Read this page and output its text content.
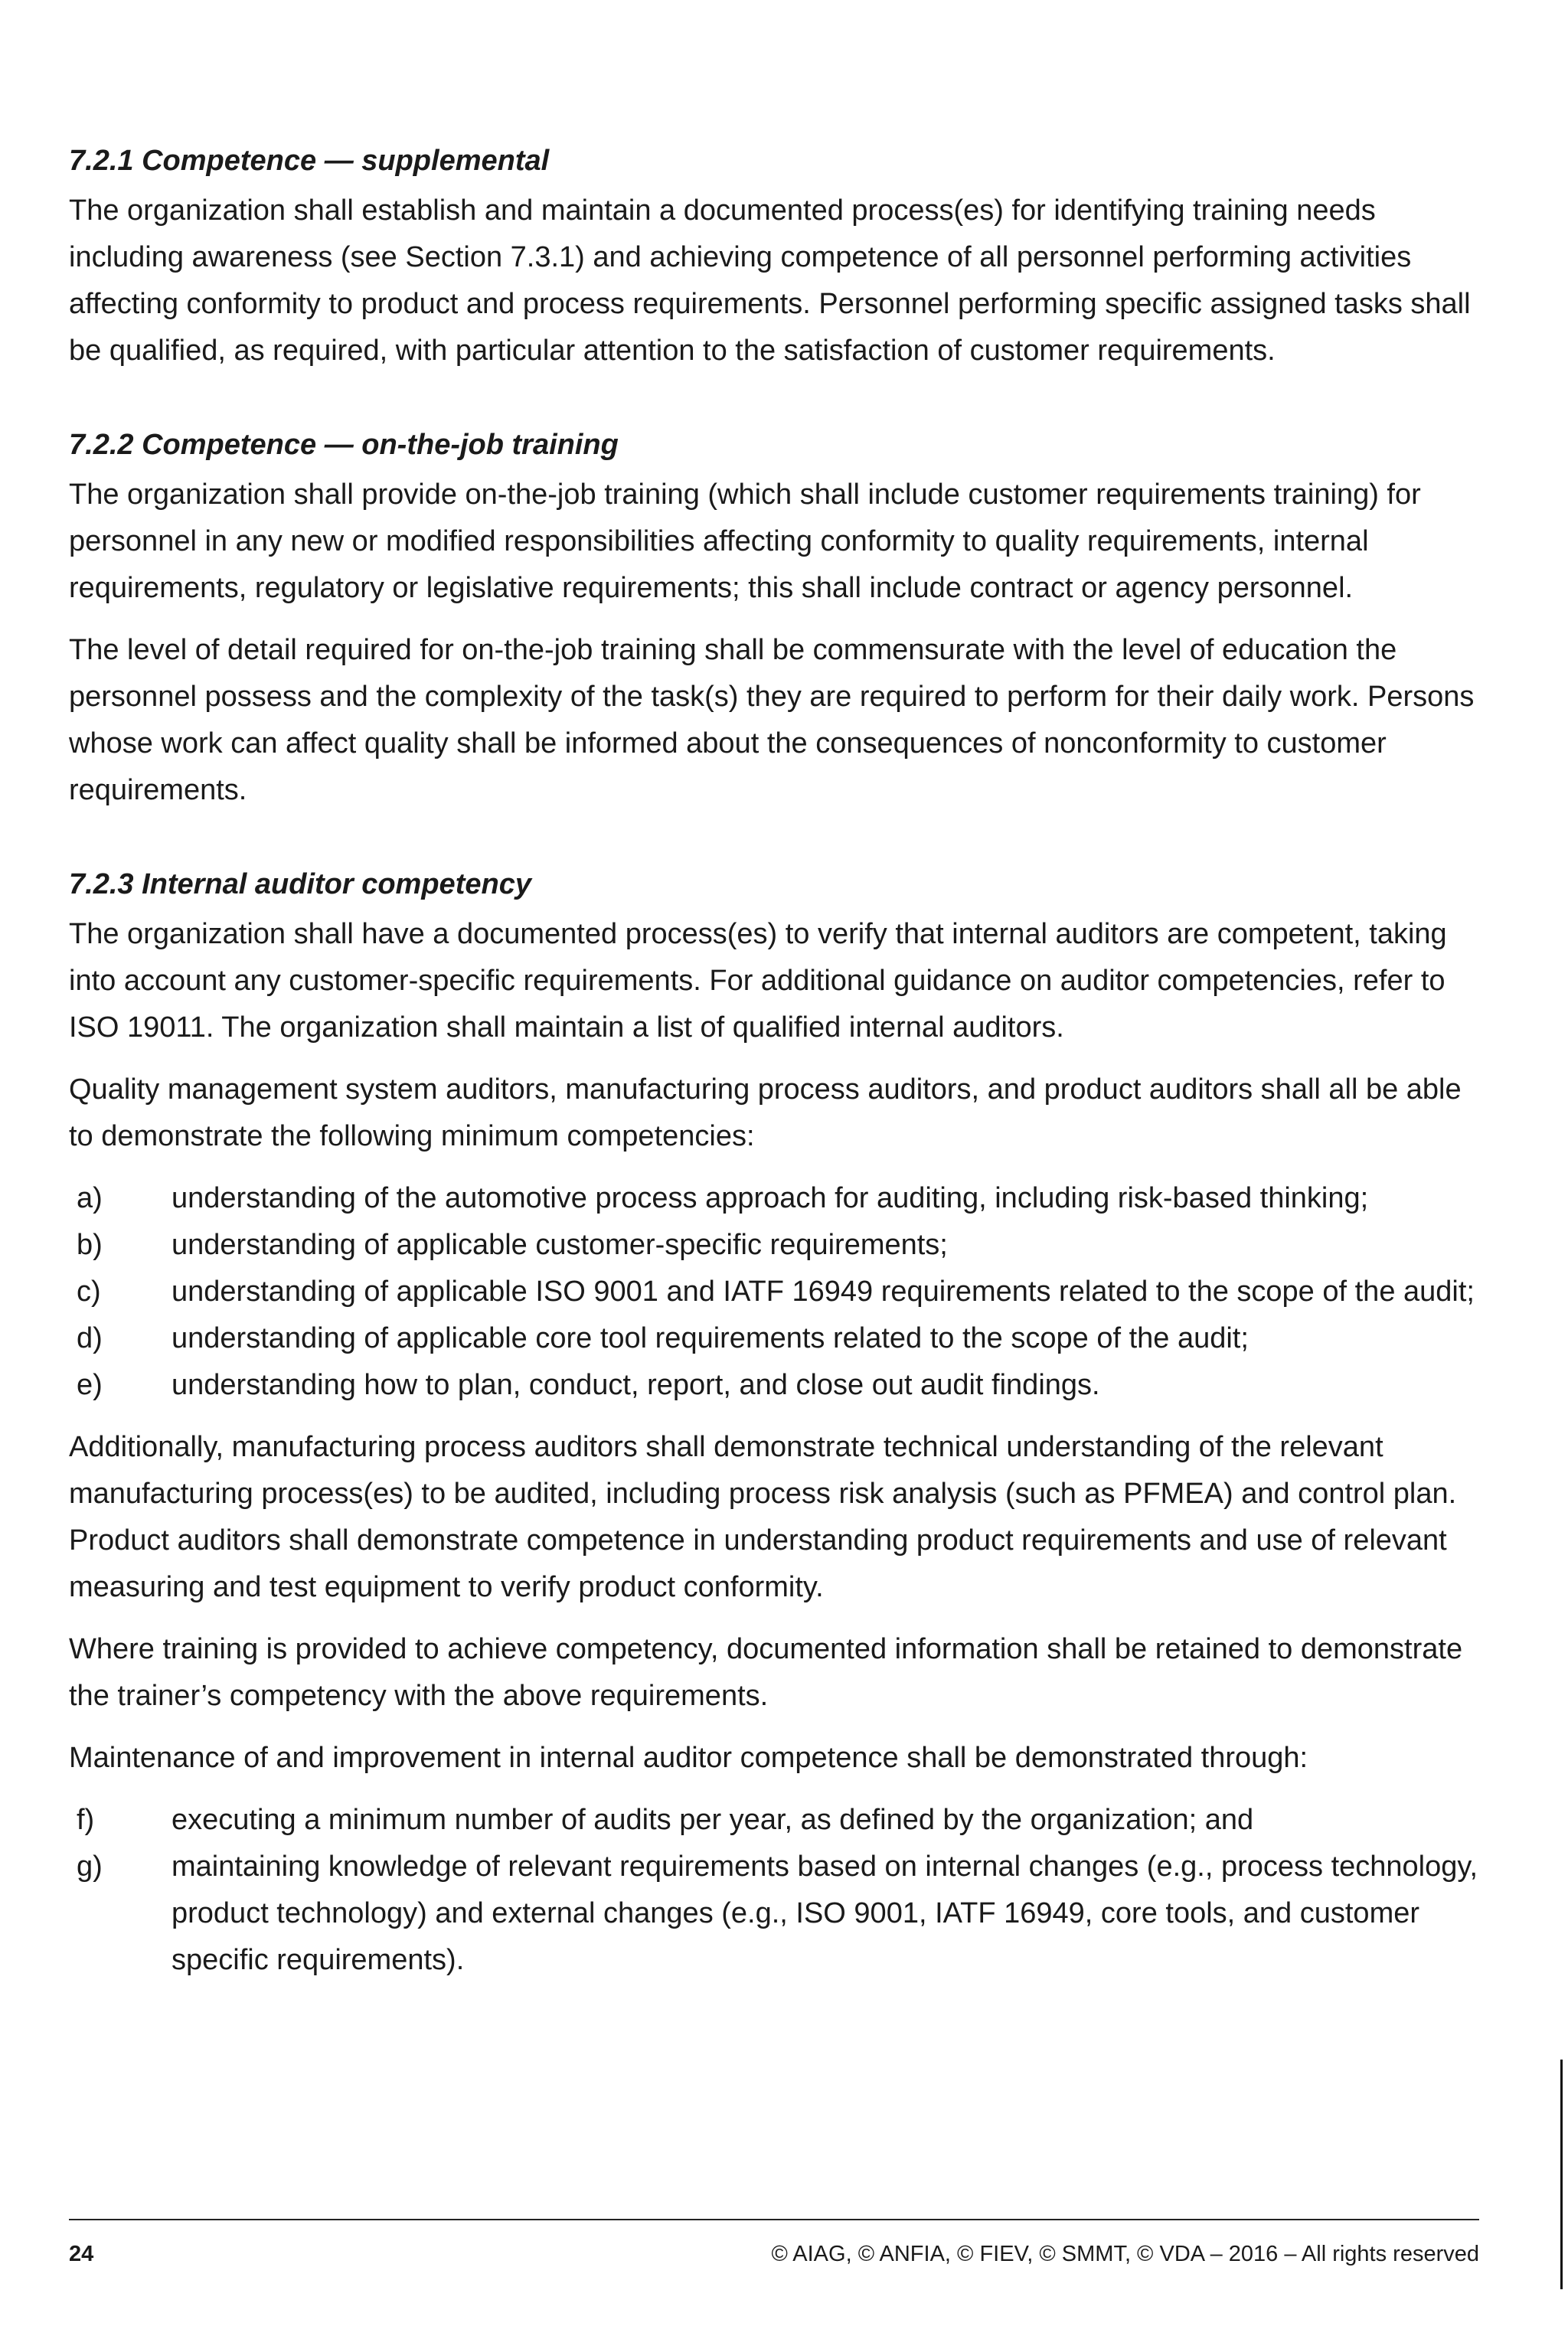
7.2.1 Competence — supplemental

The organization shall establish and maintain a documented process(es) for identifying training needs including awareness (see Section 7.3.1) and achieving competence of all personnel performing activities affecting conformity to product and process requirements. Personnel performing specific assigned tasks shall be qualified, as required, with particular attention to the satisfaction of customer requirements.

7.2.2 Competence — on-the-job training

The organization shall provide on-the-job training (which shall include customer requirements training) for personnel in any new or modified responsibilities affecting conformity to quality requirements, internal requirements, regulatory or legislative requirements; this shall include contract or agency personnel.

The level of detail required for on-the-job training shall be commensurate with the level of education the personnel possess and the complexity of the task(s) they are required to perform for their daily work. Persons whose work can affect quality shall be informed about the consequences of nonconformity to customer requirements.

7.2.3 Internal auditor competency

The organization shall have a documented process(es) to verify that internal auditors are competent, taking into account any customer-specific requirements. For additional guidance on auditor competencies, refer to ISO 19011. The organization shall maintain a list of qualified internal auditors.

Quality management system auditors, manufacturing process auditors, and product auditors shall all be able to demonstrate the following minimum competencies:

a) understanding of the automotive process approach for auditing, including risk-based thinking;
b) understanding of applicable customer-specific requirements;
c) understanding of applicable ISO 9001 and IATF 16949 requirements related to the scope of the audit;
d) understanding of applicable core tool requirements related to the scope of the audit;
e) understanding how to plan, conduct, report, and close out audit findings.

Additionally, manufacturing process auditors shall demonstrate technical understanding of the relevant manufacturing process(es) to be audited, including process risk analysis (such as PFMEA) and control plan. Product auditors shall demonstrate competence in understanding product requirements and use of relevant measuring and test equipment to verify product conformity.

Where training is provided to achieve competency, documented information shall be retained to demonstrate the trainer’s competency with the above requirements.

Maintenance of and improvement in internal auditor competence shall be demonstrated through:

f)	executing a minimum number of audits per year, as defined by the organization; and
g) maintaining knowledge of relevant requirements based on internal changes (e.g., process technology, product technology) and external changes (e.g., ISO 9001, IATF 16949, core tools, and customer specific requirements).
24	© AIAG, © ANFIA, © FIEV, © SMMT, © VDA – 2016 – All rights reserved
